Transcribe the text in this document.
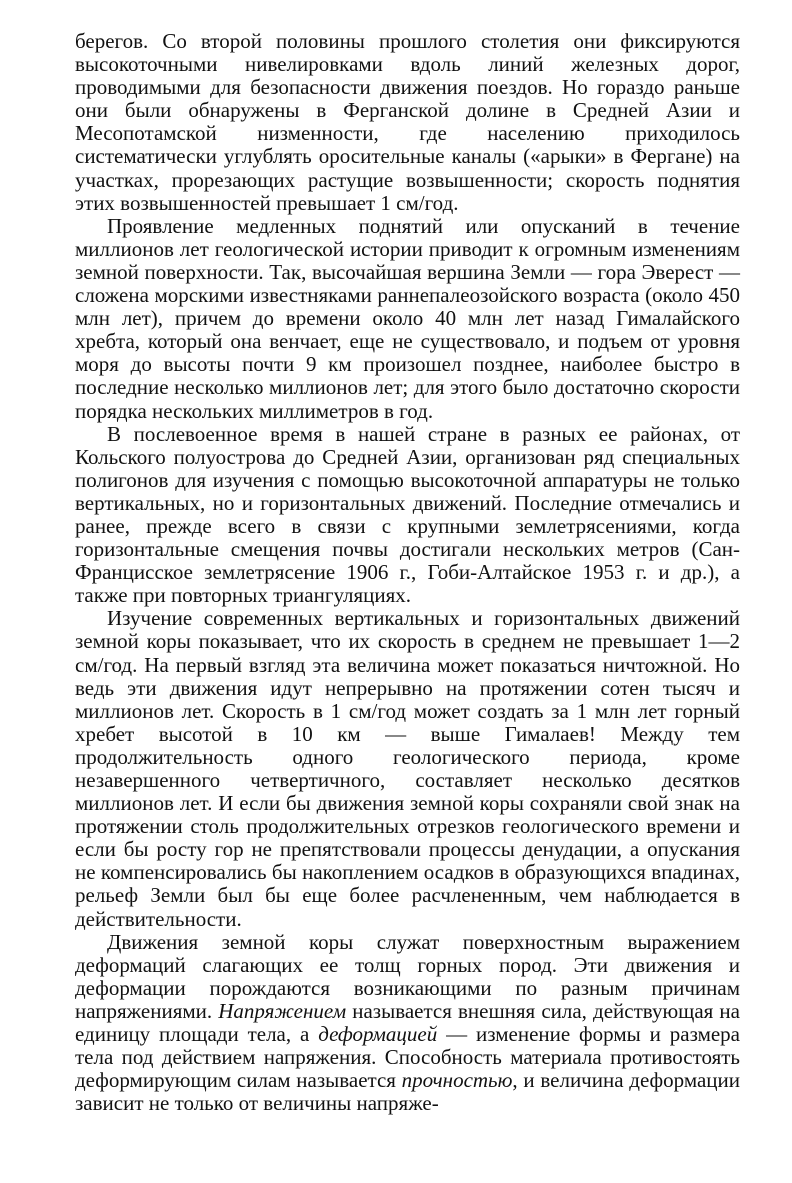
берегов. Со второй половины прошлого столетия они фиксируются высокоточными нивелировками вдоль линий железных дорог, проводимыми для безопасности движения поездов. Но гораздо раньше они были обнаружены в Ферганской долине в Средней Азии и Месопотамской низменности, где населению приходилось систематически углублять оросительные каналы («арыки» в Фергане) на участках, прорезающих растущие возвышенности; скорость поднятия этих возвышенностей превышает 1 см/год.

Проявление медленных поднятий или опусканий в течение миллионов лет геологической истории приводит к огромным изменениям земной поверхности. Так, высочайшая вершина Земли — гора Эверест — сложена морскими известняками раннепалеозойского возраста (около 450 млн лет), причем до времени около 40 млн лет назад Гималайского хребта, который она венчает, еще не существовало, и подъем от уровня моря до высоты почти 9 км произошел позднее, наиболее быстро в последние несколько миллионов лет; для этого было достаточно скорости порядка нескольких миллиметров в год.

В послевоенное время в нашей стране в разных ее районах, от Кольского полуострова до Средней Азии, организован ряд специальных полигонов для изучения с помощью высокоточной аппаратуры не только вертикальных, но и горизонтальных движений. Последние отмечались и ранее, прежде всего в связи с крупными землетрясениями, когда горизонтальные смещения почвы достигали нескольких метров (Сан-Францисское землетрясение 1906 г., Гоби-Алтайское 1953 г. и др.), а также при повторных триангуляциях.

Изучение современных вертикальных и горизонтальных движений земной коры показывает, что их скорость в среднем не превышает 1—2 см/год. На первый взгляд эта величина может показаться ничтожной. Но ведь эти движения идут непрерывно на протяжении сотен тысяч и миллионов лет. Скорость в 1 см/год может создать за 1 млн лет горный хребет высотой в 10 км — выше Гималаев! Между тем продолжительность одного геологического периода, кроме незавершенного четвертичного, составляет несколько десятков миллионов лет. И если бы движения земной коры сохраняли свой знак на протяжении столь продолжительных отрезков геологического времени и если бы росту гор не препятствовали процессы денудации, а опускания не компенсировались бы накоплением осадков в образующихся впадинах, рельеф Земли был бы еще более расчлененным, чем наблюдается в действительности.

Движения земной коры служат поверхностным выражением деформаций слагающих ее толщ горных пород. Эти движения и деформации порождаются возникающими по разным причинам напряжениями. Напряжением называется внешняя сила, действующая на единицу площади тела, а деформацией — изменение формы и размера тела под действием напряжения. Способность материала противостоять деформирующим силам называется прочностью, и величина деформации зависит не только от величины напряже-
